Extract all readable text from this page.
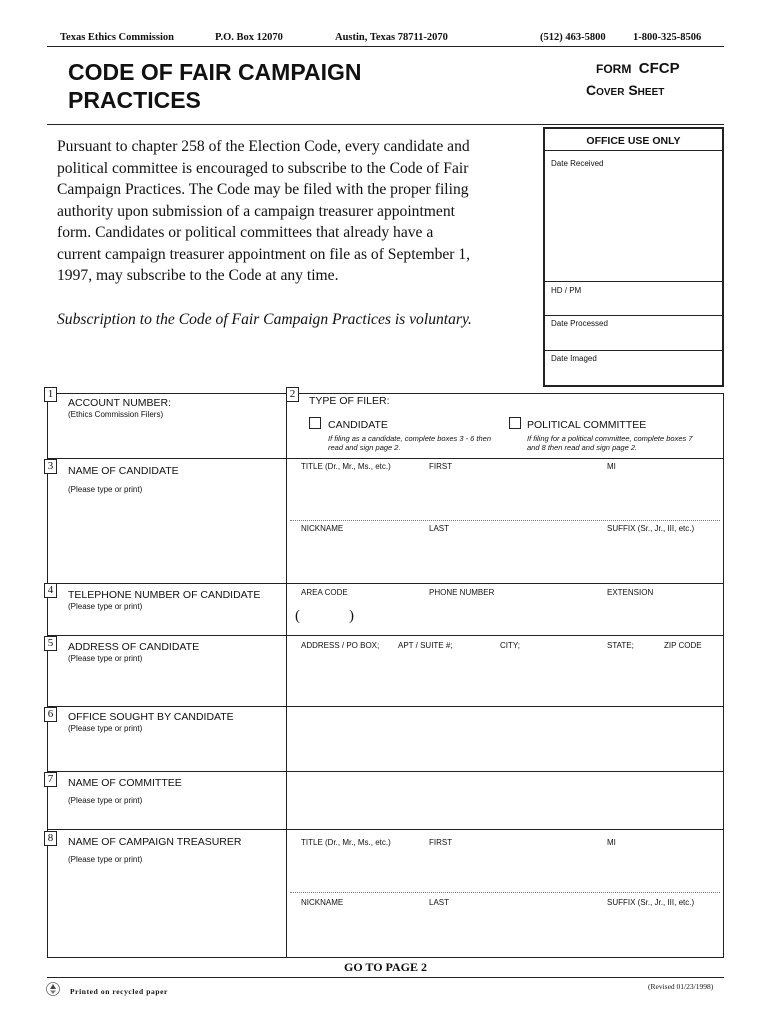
Texas Ethics Commission	P.O. Box 12070	Austin, Texas 78711-2070	(512) 463-5800	1-800-325-8506
CODE OF FAIR CAMPAIGN
PRACTICES
FORM CFCP
Cover Sheet
Pursuant to chapter 258 of the Election Code, every candidate and
political committee is encouraged to subscribe to the Code of Fair
Campaign Practices. The Code may be filed with the proper filing
authority upon submission of a campaign treasurer appointment
form. Candidates or political committees that already have a
current campaign treasurer appointment on file as of September 1,
1997, may subscribe to the Code at any time.
Subscription to the Code of Fair Campaign Practices is voluntary.
OFFICE USE ONLY
Date Received
HD / PM
Date Processed
Date Imaged
1
ACCOUNT NUMBER:
(Ethics Commission Filers)
2
TYPE OF FILER:
CANDIDATE
If filing as a candidate, complete boxes 3 - 6 then
read and sign page 2.
POLITICAL COMMITTEE
If filing for a political committee, complete boxes 7
and 8 then read and sign page 2.
3	NAME OF CANDIDATE
(Please type or print)
TITLE (Dr., Mr., Ms., etc.)	FIRST	MI
NICKNAME	LAST	SUFFIX (Sr., Jr., III, etc.)
4	TELEPHONE NUMBER OF CANDIDATE
(Please type or print)
AREA CODE	PHONE NUMBER	EXTENSION
(	)
5	ADDRESS OF CANDIDATE
(Please type or print)
ADDRESS / PO BOX; APT / SUITE #;	CITY;	STATE;	ZIP CODE
6	OFFICE SOUGHT BY CANDIDATE
(Please type or print)
7	NAME OF COMMITTEE
(Please type or print)
8	NAME OF CAMPAIGN TREASURER
(Please type or print)
TITLE (Dr., Mr., Ms., etc.)	FIRST	MI
NICKNAME	LAST	SUFFIX (Sr., Jr., III, etc.)
GO TO PAGE 2
Printed on recycled paper
(Revised 01/23/1998)
